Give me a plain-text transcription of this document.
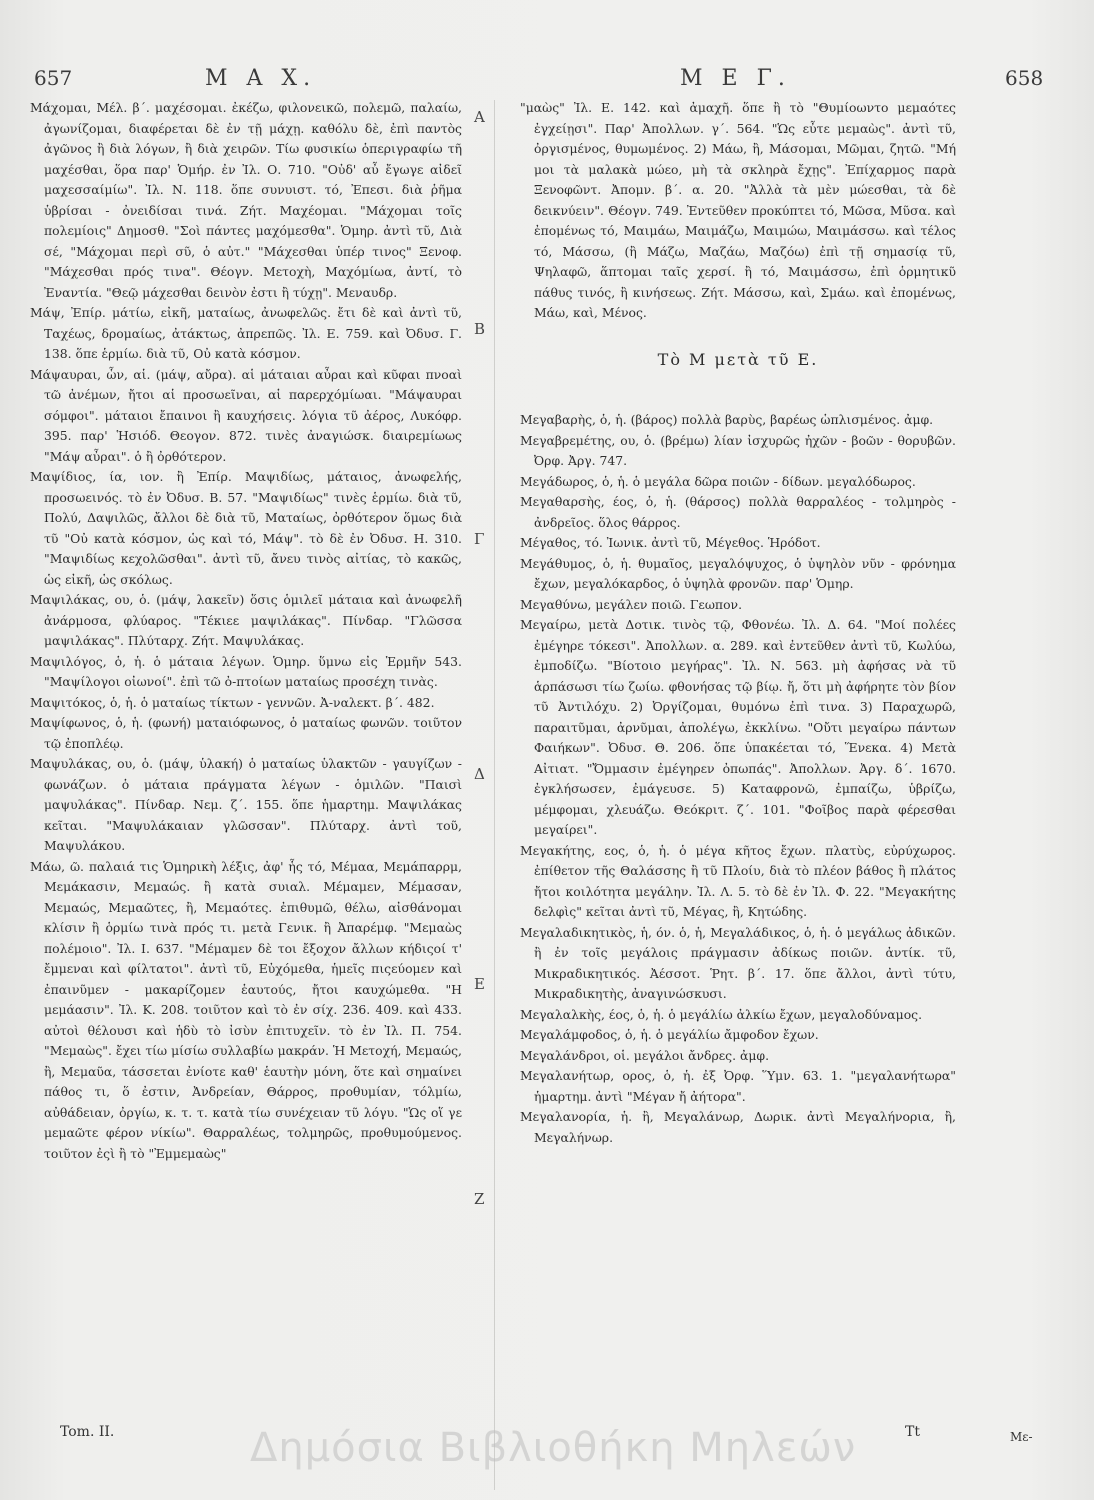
657	Μ Α Χ.	Μ Ε Γ.	658
Α
Β
Γ
Δ
Ε
Ζ

Μάχομαι, Μέλ. β΄. μαχέσομαι. ἐκέζω, φιλονεικῶ, πολεμῶ, παλαίω, ἀγωνίζομαι, διαφέρεται δὲ ἐν τῇ μάχῃ. καθόλυ δὲ, ἐπὶ παντὸς ἀγῶνος ἢ διὰ λόγων, ἢ διὰ χειρῶν. Τίω φυσικίω ὁπεριγραφίω τῆ μαχέσθαι, ὅρα παρ' Ὁμήρ. ἐν Ἰλ. Ο. 710. "Οὐδ' αὖ ἔγωγε αἰδεῖ μαχεσσαίμίω". Ἰλ. Ν. 118. ὅπε συνυιστ. τό, Ἐπεσι. διὰ ῥῆμα ὑβρίσαι - ὀνειδίσαι τινά. Ζήτ. Μαχέομαι. "Μάχομαι τοῖς πολεμίοις" Δημοσθ. "Σοὶ πάντες μαχόμεσθα". Ὁμηρ. ἀντὶ τῦ, Διὰ σέ, "Μάχομαι περὶ σῦ, ὁ αὐτ." "Μάχεσθαι ὑπέρ τινος" Ξενοφ. "Μάχεσθαι πρός τινα". Θέογν. Μετοχὴ, Μαχόμίωα, ἀντί, τὸ Ἐναντία. "Θεῷ μάχεσθαι δεινὸν ἐστι ἢ τύχῃ". Μεναυδρ.

Μάψ, Ἐπίρ. μάτίω, εἰκῆ, ματαίως, ἀνωφελῶς. ἔτι δὲ καὶ ἀντὶ τῦ, Ταχέως, δρομαίως, ἀτάκτως, ἀπρεπῶς. Ἰλ. Ε. 759. καὶ Ὀδυσ. Γ. 138. ὅπε ἑρμίω. διὰ τῦ, Οὐ κατὰ κόσμον.

Μάψαυραι, ὧν, αἱ. (μάψ, αὔρα). αἱ μάταιαι αὖραι καὶ κῦφαι πνοαὶ τῶ ἀνέμων, ἤτοι αἱ προσωεῖναι, αἱ παρερχόμίωαι. "Μάψαυραι σόμφοι". μάταιοι ἔπαινοι ἢ καυχήσεις. λόγια τῦ ἀέρος, Λυκόφρ. 395. παρ' Ἡσιόδ. Θεογον. 872. τινὲς ἀναγιώσκ. διαιρεμίωως "Μάψ αὖραι". ὁ ἢ ὀρθότερον.

Μαψίδιος, ία, ιον. ἢ Ἐπίρ. Μαψιδίως, μάταιος, ἀνωφελής, προσωεινός. τὸ ἐν Ὀδυσ. Β. 57. "Μαψιδίως" τινὲς ἑρμίω. διὰ τῦ, Πολύ, Δαψιλῶς, ἄλλοι δὲ διὰ τῦ, Ματαίως, ὀρθότερον ὅμως διὰ τῦ "Οὐ κατὰ κόσμον, ὡς καὶ τό, Μάψ". τὸ δὲ ἐν Ὀδυσ. Η. 310. "Μαψιδίως κεχολῶσθαι". ἀντὶ τῦ, ἄνευ τινὸς αἰτίας, τὸ κακῶς, ὡς εἰκῆ, ὡς σκόλως.

Μαψιλάκας, ου, ὁ. (μάψ, λακεῖν) ὅσις ὁμιλεῖ μάταια καὶ ἀνωφελῆ ἀνάρμοσα, φλύαρος. "Τέκιεε μαψιλάκας". Πίνδαρ. "Γλῶσσα μαψιλάκας". Πλύταρχ. Ζήτ. Μαψυλάκας.

Μαψιλόγος, ὁ, ἡ. ὁ μάταια λέγων. Ὁμηρ. ὕμνω εἰς Ἑρμῆν 543. "Μαψίλογοι οἰωνοί". ἐπὶ τῶ ὀ-πτοίων ματαίως προσέχη τινὰς.

Μαψιτόκος, ὁ, ἡ. ὁ ματαίως τίκτων - γεννῶν. Ἀ-ναλεκτ. β΄. 482.

Μαψίφωνος, ὁ, ἡ. (φωνή) ματαιόφωνος, ὁ ματαίως φωνῶν. τοιῦτον τῷ ἐποπλέῳ.

Μαψυλάκας, ου, ὁ. (μάψ, ὑλακή) ὁ ματαίως ὑλακτῶν - γαυγίζων - φωνάζων. ὁ μάταια πράγματα λέγων - ὁμιλῶν. "Παισὶ μαψυλάκας". Πίνδαρ. Νεμ. ζ΄. 155. ὅπε ἡμαρτημ. Μαψιλάκας κεῖται. "Μαψυλάκαιαν γλῶσσαν". Πλύταρχ. ἀντὶ τοῦ, Μαψυλάκου.

Μάω, ῶ. παλαιά τις Ὁμηρικὴ λέξις, ἀφ' ἧς τό, Μέμαα, Μεμάπαρρμ, Μεμάκασιν, Μεμαώς. ἢ κατὰ συιαλ. Μέμαμεν, Μέμασαν, Μεμαώς, Μεμαῶτες, ἢ, Μεμαότες. ἐπιθυμῶ, θέλω, αἰσθάνομαι κλίσιν ἢ ὁρμίω τινὰ πρός τι. μετὰ Γενικ. ἢ Ἀπαρέμφ. "Μεμαὼς πολέμοιο". Ἰλ. Ι. 637. "Μέμαμεν δὲ τοι ἔξοχον ἄλλων κήδιςοί τ' ἔμμεναι καὶ φίλτατοι". ἀντὶ τῦ, Εὐχόμεθα, ἡμεῖς πιςεύομεν καὶ ἐπαινῦμεν - μακαρίζομεν ἑαυτούς, ἤτοι καυχώμεθα. "Η μεμάασιν". Ἰλ. Κ. 208. τοιῦτον καὶ τὸ ἐν σίχ. 236. 409. καὶ 433. αὐτοὶ θέλουσι καὶ ἡδὺ τὸ ἰσὺν ἐπιτυχεῖν. τὸ ἐν Ἰλ. Π. 754. "Μεμαὼς". ἔχει τίω μίσίω συλλαβίω μακράν. Ἡ Μετοχή, Μεμαώς, ἢ, Μεμαῦα, τάσσεται ἐνίοτε καθ' ἑαυτὴν μόνη, ὅτε καὶ σημαίνει πάθος τι, ὅ ἐστιν, Ἀνδρείαν, Θάρρος, προθυμίαν, τόλμίω, αὐθάδειαν, ὀργίω, κ. τ. τ. κατὰ τίω συνέχειαν τῦ λόγυ. "Ὡς οἵ γε μεμαῶτε φέρον νίκίω". Θαρραλέως, τολμηρῶς, προθυμούμενος. τοιῦτον ἐςὶ ἢ τὸ "Ἐμμεμαὼς"

"μαὼς" Ἰλ. Ε. 142. καὶ ἀμαχῆ. ὅπε ἢ τὸ "Θυμίοωντο μεμαότες ἐγχείῃσι". Παρ' Ἀπολλων. γ΄. 564. "Ὡς εὖτε μεμαὼς". ἀντὶ τῦ, ὀργισμένος, θυμωμένος. 2) Μάω, ἢ, Μάσομαι, Μῶμαι, ζητῶ. "Μή μοι τὰ μαλακὰ μώεο, μὴ τὰ σκληρὰ ἔχῃς". Ἐπίχαρμος παρὰ Ξενοφῶντ. Ἀπομν. β΄. α. 20. "Ἀλλὰ τὰ μὲν μώεσθαι, τὰ δὲ δεικνύειν". Θέογν. 749. Ἐντεῦθεν προκύπτει τό, Μῶσα, Μῦσα. καὶ ἐπομένως τό, Μαιμάω, Μαιμάζω, Μαιμώω, Μαιμάσσω. καὶ τέλος τό, Μάσσω, (ἢ Μάζω, Μαζάω, Μαζόω) ἐπὶ τῇ σημασίᾳ τῦ, Ψηλαφῶ, ἅπτομαι ταῖς χερσί. ἢ τό, Μαιμάσσω, ἐπὶ ὁρμητικῦ πάθυς τινός, ἢ κινήσεως. Ζήτ. Μάσσω, καὶ, Σμάω. καὶ ἐπομένως, Μάω, καὶ, Μένος.

Τὸ Μ μετὰ τῦ Ε.

Μεγαβαρὴς, ὁ, ἡ. (βάρος) πολλὰ βαρὺς, βαρέως ὡπλισμένος. ἀμφ.

Μεγαβρεμέτης, ου, ὁ. (βρέμω) λίαν ἰσχυρῶς ἠχῶν - βοῶν - θορυβῶν. Ὀρφ. Ἀργ. 747.

Μεγάδωρος, ὁ, ἡ. ὁ μεγάλα δῶρα ποιῶν - δίδων. μεγαλόδωρος.

Μεγαθαρσὴς, έος, ὁ, ἡ. (θάρσος) πολλὰ θαρραλέος - τολμηρὸς - ἀνδρεῖος. ὅλος θάρρος.

Μέγαθος, τό. Ἰωνικ. ἀντὶ τῦ, Μέγεθος. Ἡρόδοτ.

Μεγάθυμος, ὁ, ἡ. θυμαῖος, μεγαλόψυχος, ὁ ὑψηλὸν νῦν - φρόνημα ἔχων, μεγαλόκαρδος, ὁ ὑψηλὰ φρονῶν. παρ' Ὁμηρ.

Μεγαθύνω, μεγάλεν ποιῶ. Γεωπον.

Μεγαίρω, μετὰ Δοτικ. τινὸς τῷ, Φθονέω. Ἰλ. Δ. 64. "Μοί πολέες ἐμέγηρε τόκεσι". Ἀπολλων. α. 289. καὶ ἐντεῦθεν ἀντὶ τῦ, Κωλύω, ἐμποδίζω. "Βίοτοιο μεγήρας". Ἰλ. Ν. 563. μὴ ἀφήσας νὰ τῦ ἁρπάσωσι τίω ζωίω. φθονήσας τῷ βίῳ. ἤ, ὅτι μὴ ἀφήρητε τὸν βίον τῦ Ἀντιλόχυ. 2) Ὀργίζομαι, θυμόνω ἐπὶ τινα. 3) Παραχωρῶ, παραιτῦμαι, ἀρνῦμαι, ἀπολέγω, ἐκκλίνω. "Οὔτι μεγαίρω πάντων Φαιήκων". Ὀδυσ. Θ. 206. ὅπε ὑπακέεται τό, Ἕνεκα. 4) Μετὰ Αἰτιατ. "Ὄμμασιν ἐμέγηρεν ὀπωπάς". Ἀπολλων. Ἀργ. δ΄. 1670. ἐγκλήσωσεν, ἐμάγευσε. 5) Καταφρονῶ, ἐμπαίζω, ὑβρίζω, μέμφομαι, χλευάζω. Θεόκριτ. ζ΄. 101. "Φοῖβος παρὰ φέρεσθαι μεγαίρει".

Μεγακήτης, εος, ὁ, ἡ. ὁ μέγα κῆτος ἔχων. πλατὺς, εὐρύχωρος. ἐπίθετον τῆς Θαλάσσης ἢ τῦ Πλοίυ, διὰ τὸ πλέον βάθος ἢ πλάτος ἤτοι κοιλότητα μεγάλην. Ἰλ. Λ. 5. τὸ δὲ ἐν Ἰλ. Φ. 22. "Μεγακήτης δελφὶς" κεῖται ἀντὶ τῦ, Μέγας, ἢ, Κητώδης.

Μεγαλαδικητικὸς, ἡ, όν. ὁ, ἡ, Μεγαλάδικος, ὁ, ἡ. ὁ μεγάλως ἀδικῶν. ἢ ἐν τοῖς μεγάλοις πράγμασιν ἀδίκως ποιῶν. ἀντίκ. τῦ, Μικραδικητικός. Ἀέσσοτ. Ῥητ. β΄. 17. ὅπε ἄλλοι, ἀντὶ τύτυ, Μικραδικητὴς, ἀναγινώσκυσι.

Μεγαλαλκὴς, έος, ὁ, ἡ. ὁ μεγάλίω ἀλκίω ἔχων, μεγαλοδύναμος.

Μεγαλάμφοδος, ὁ, ἡ. ὁ μεγάλίω ἄμφοδον ἔχων.

Μεγαλάνδροι, οἱ. μεγάλοι ἄνδρες. ἀμφ.

Μεγαλανήτωρ, ορος, ὁ, ἡ. ἐξ Ὀρφ. Ὕμν. 63. 1. "μεγαλανήτωρα" ἡμαρτημ. ἀντὶ "Μέγαν ἤ ἀήτορα".

Μεγαλανορία, ἡ. ἢ, Μεγαλάνωρ, Δωρικ. ἀντὶ Μεγαλήνορια, ἢ, Μεγαλήνωρ.

Tom. II.	Δημόσια Βιβλιοθήκη Μηλεών	Tt	Με-
